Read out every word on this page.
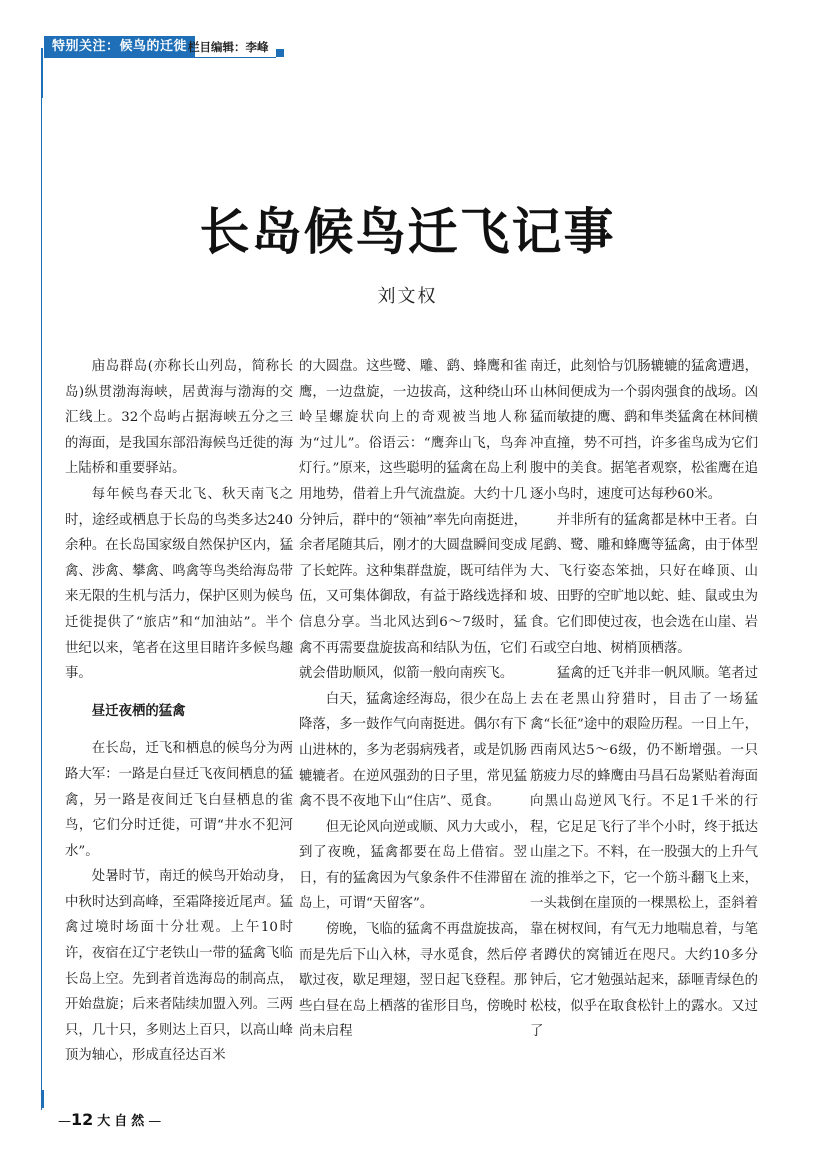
特别关注：候鸟的迁徙 栏目编辑：李峰
长岛候鸟迁飞记事
刘文权

庙岛群岛(亦称长山列岛，简称长岛)纵贯渤海海峡，居黄海与渤海的交汇线上。32个岛屿占据海峡五分之三的海面，是我国东部沿海候鸟迁徙的海上陆桥和重要驿站。

每年候鸟春天北飞、秋天南飞之时，途经或栖息于长岛的鸟类多达240余种。在长岛国家级自然保护区内，猛禽、涉禽、攀禽、鸣禽等鸟类给海岛带来无限的生机与活力，保护区则为候鸟迁徙提供了“旅店”和“加油站”。半个世纪以来，笔者在这里目睹许多候鸟趣事。

昼迁夜栖的猛禽

在长岛，迁飞和栖息的候鸟分为两路大军：一路是白昼迁飞夜间栖息的猛禽，另一路是夜间迁飞白昼栖息的雀鸟，它们分时迁徙，可谓“井水不犯河水”。

处暑时节，南迁的候鸟开始动身，中秋时达到高峰，至霜降接近尾声。猛禽过境时场面十分壮观。上午10时许，夜宿在辽宁老铁山一带的猛禽飞临长岛上空。先到者首选海岛的制高点，开始盘旋；后来者陆续加盟入列。三两只，几十只，多则达上百只，以高山峰顶为轴心，形成直径达百米

的大圆盘。这些鹭、雕、鹞、蜂鹰和雀鹰，一边盘旋，一边拔高，这种绕山环岭呈螺旋状向上的奇观被当地人称为“过儿”。俗语云：“鹰奔山飞，鸟奔灯行。”原来，这些聪明的猛禽在岛上利用地势，借着上升气流盘旋。大约十几分钟后，群中的“领袖”率先向南挺进，余者尾随其后，刚才的大圆盘瞬间变成了长蛇阵。这种集群盘旋，既可结伴为伍，又可集体御敌，有益于路线选择和信息分享。当北风达到6～7级时，猛禽不再需要盘旋拔高和结队为伍，它们就会借助顺风，似箭一般向南疾飞。

白天，猛禽途经海岛，很少在岛上降落，多一鼓作气向南挺进。偶尔有下山进林的，多为老弱病残者，或是饥肠辘辘者。在逆风强劲的日子里，常见猛禽不畏不夜地下山“住店”、觅食。

但无论风向逆或顺、风力大或小，到了夜晚，猛禽都要在岛上借宿。翌日，有的猛禽因为气象条件不佳滞留在岛上，可谓“天留客”。

傍晚，飞临的猛禽不再盘旋拔高，而是先后下山入林，寻水觅食，然后停歇过夜，歇足理翅，翌日起飞登程。那些白昼在岛上栖落的雀形目鸟，傍晚时尚未启程

南迁，此刻恰与饥肠辘辘的猛禽遭遇，山林间便成为一个弱肉强食的战场。凶猛而敏捷的鹰、鹞和隼类猛禽在林间横冲直撞，势不可挡，许多雀鸟成为它们腹中的美食。据笔者观察，松雀鹰在追逐小鸟时，速度可达每秒60米。

并非所有的猛禽都是林中王者。白尾鹞、鹭、雕和蜂鹰等猛禽，由于体型大、飞行姿态笨拙，只好在峰顶、山坡、田野的空旷地以蛇、蛙、鼠或虫为食。它们即使过夜，也会选在山崖、岩石或空白地、树梢顶栖落。

猛禽的迁飞并非一帆风顺。笔者过去在老黑山狩猎时，目击了一场猛禽“长征”途中的艰险历程。一日上午，西南风达5～6级，仍不断增强。一只筋疲力尽的蜂鹰由马昌石岛紧贴着海面向黑山岛逆风飞行。不足1千米的行程，它足足飞行了半个小时，终于抵达山崖之下。不料，在一股强大的上升气流的推举之下，它一个筋斗翻飞上来，一头栽倒在崖顶的一棵黑松上，歪斜着靠在树杈间，有气无力地喘息着，与笔者蹲伏的窝铺近在咫尺。大约10多分钟后，它才勉强站起来，舔咂青绿色的松枝，似乎在取食松针上的露水。又过了

—12 大自然—
